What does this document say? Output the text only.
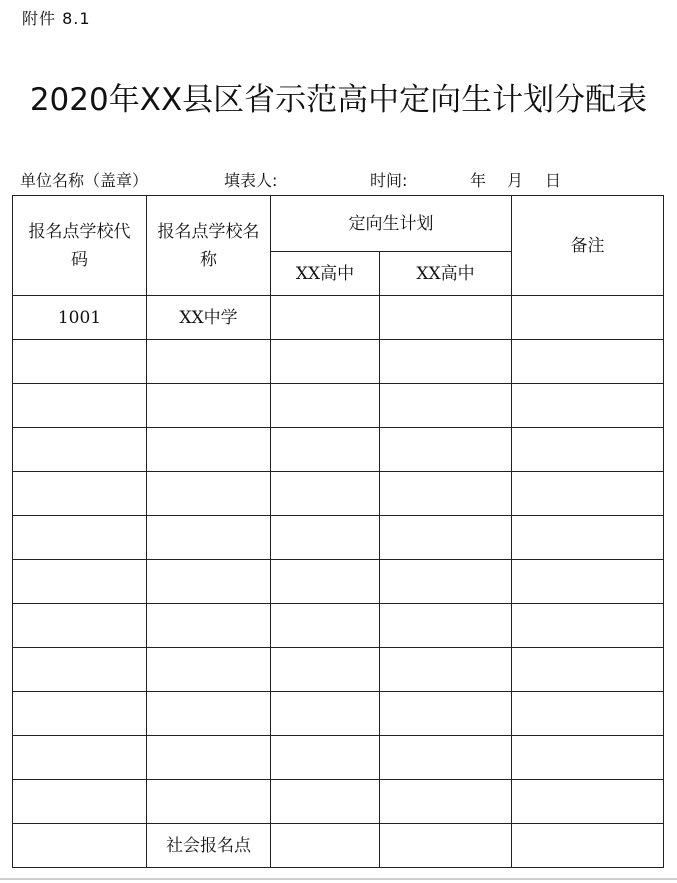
附件 8.1
2020年XX县区省示范高中定向生计划分配表
单位名称（盖章）	填表人:	时间:	年 月 日
报名点学校代码	报名点学校名称	定向生计划		备注
		XX高中	XX高中	
1001	XX中学			

	社会报名点			
